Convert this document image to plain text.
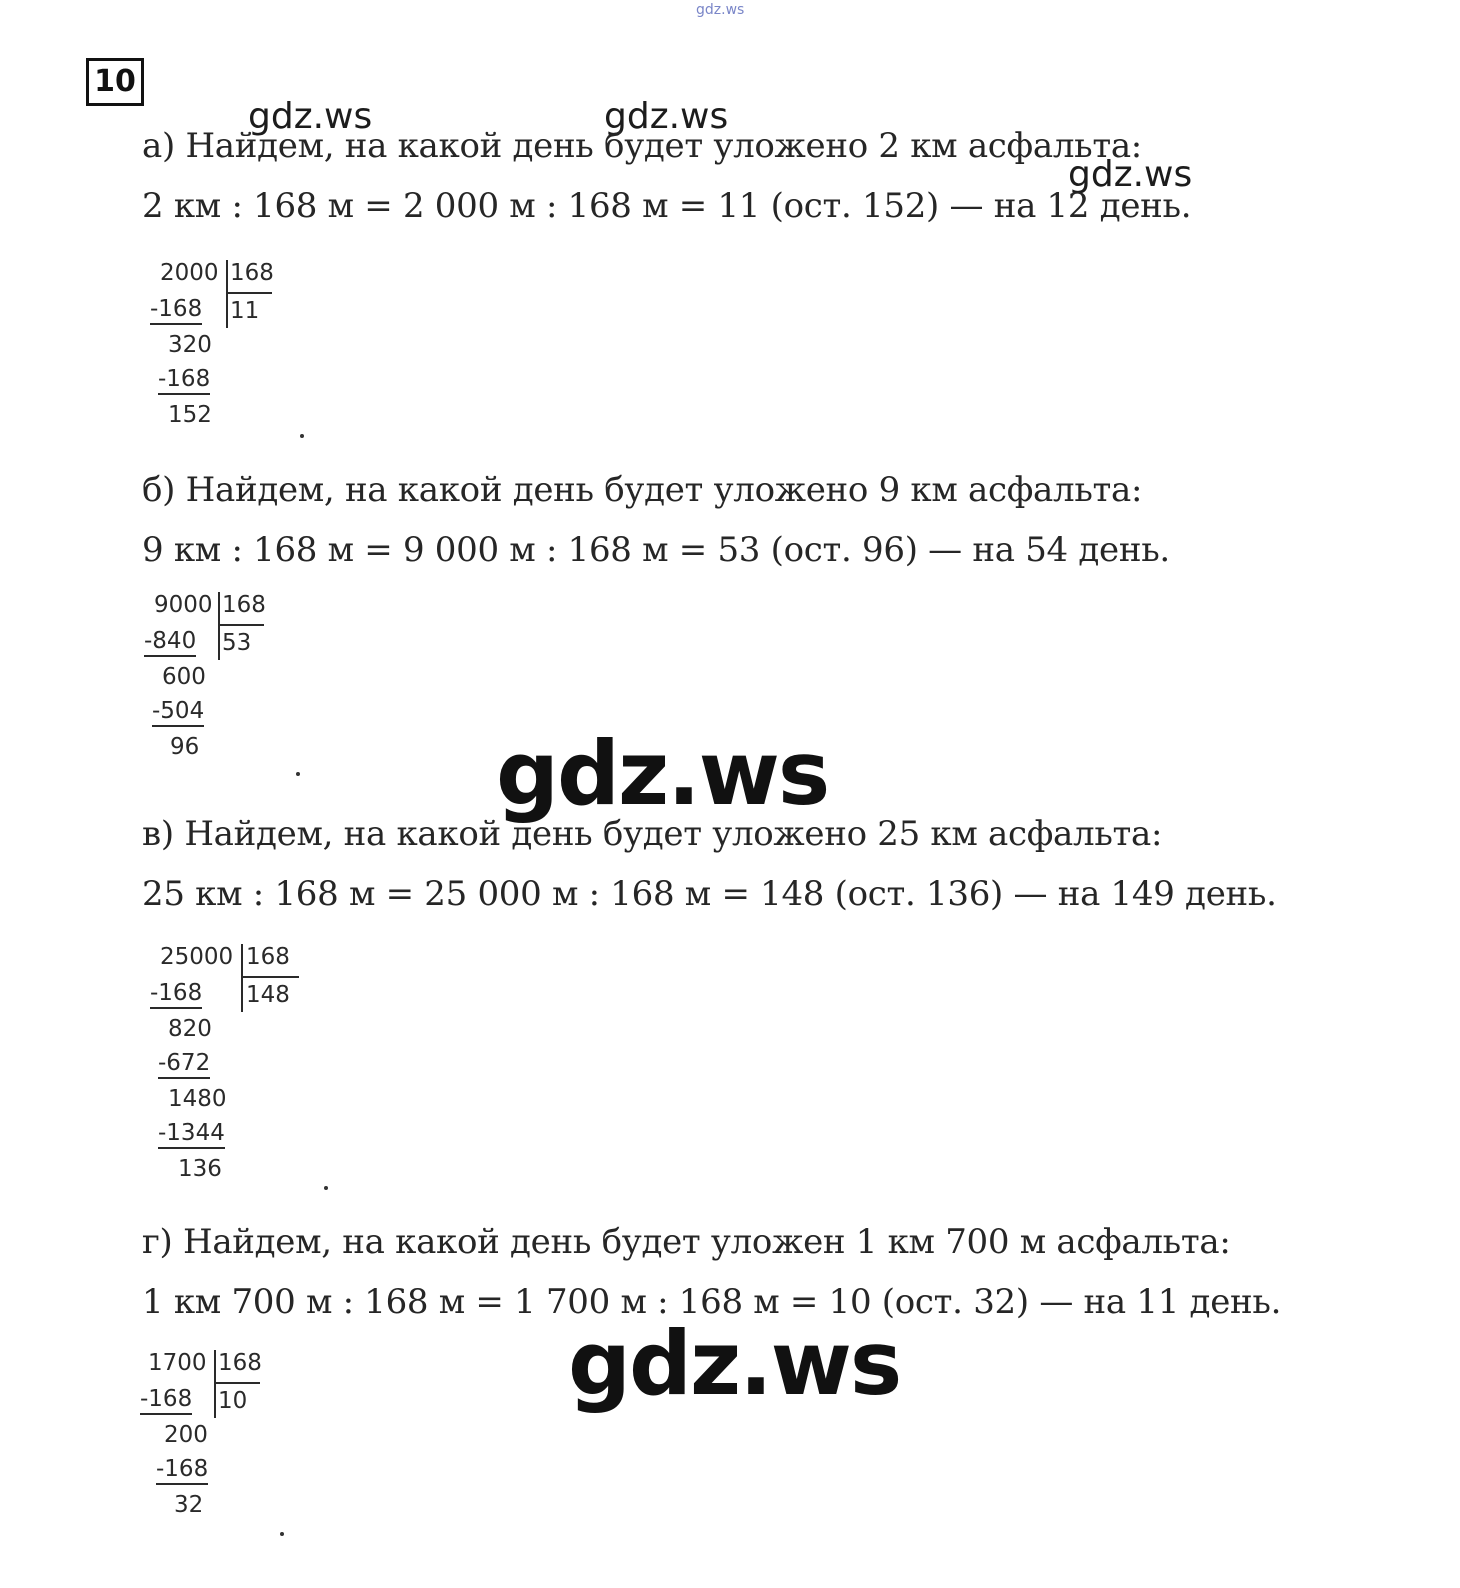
gdz.ws
10
gdz.ws	gdz.ws
gdz.ws
а) Найдем, на какой день будет уложено 2 км асфальта:
2 км : 168 м = 2 000 м : 168 м = 11 (ост. 152) — на 12 день.
2000 168
-168 11
320
-168
152
б) Найдем, на какой день будет уложено 9 км асфальта:
9 км : 168 м = 9 000 м : 168 м = 53 (ост. 96) — на 54 день.
9000 168
-840 53
600
-504
96	gdz.ws
в) Найдем, на какой день будет уложено 25 км асфальта:
25 км : 168 м = 25 000 м : 168 м = 148 (ост. 136) — на 149 день.
25000 168
-168 148
820
-672
1480
-1344
136
г) Найдем, на какой день будет уложен 1 км 700 м асфальта:
1 км 700 м : 168 м = 1 700 м : 168 м = 10 (ост. 32) — на 11 день.
1700 168
-168 10
200
-168
32
gdz.ws
